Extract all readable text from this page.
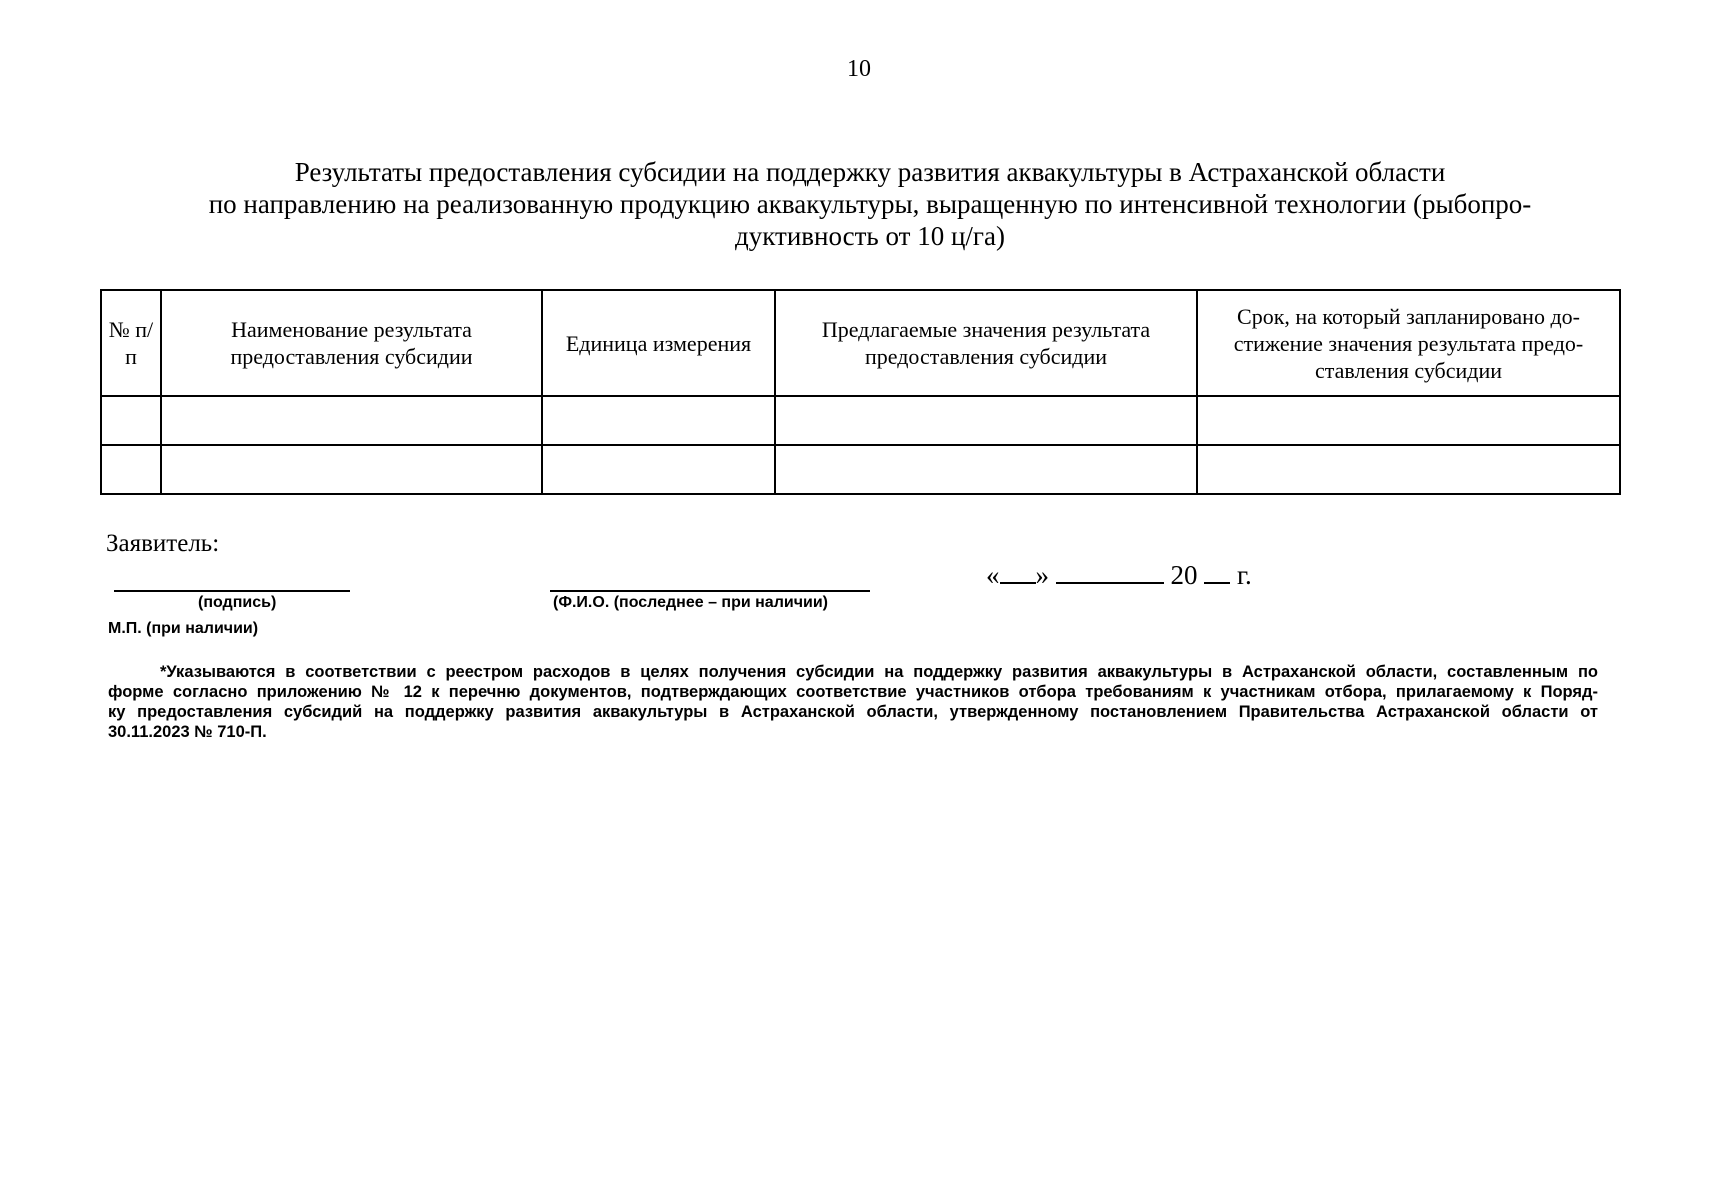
10
Результаты предоставления субсидии на поддержку развития аквакультуры в Астраханской области
по направлению на реализованную продукцию аквакультуры, выращенную по интенсивной технологии (рыбопро-
дуктивность от 10 ц/га)
№ п/п	Наименование результата предоставления субсидии	Единица измерения	Предлагаемые значения результата предоставления субсидии	Срок, на который запланировано до-стижение значения результата предо-ставления субсидии

Заявитель:
(подпись)	(Ф.И.О. (последнее – при наличии)
М.П. (при наличии)
« »	20 г.
*Указываются в соответствии с реестром расходов в целях получения субсидии на поддержку развития аквакультуры в Астраханской области, составленным по
форме согласно приложению № 12 к перечню документов, подтверждающих соответствие участников отбора требованиям к участникам отбора, прилагаемому к Поряд-
ку предоставления субсидий на поддержку развития аквакультуры в Астраханской области, утвержденному постановлением Правительства Астраханской области от
30.11.2023 № 710-П.
